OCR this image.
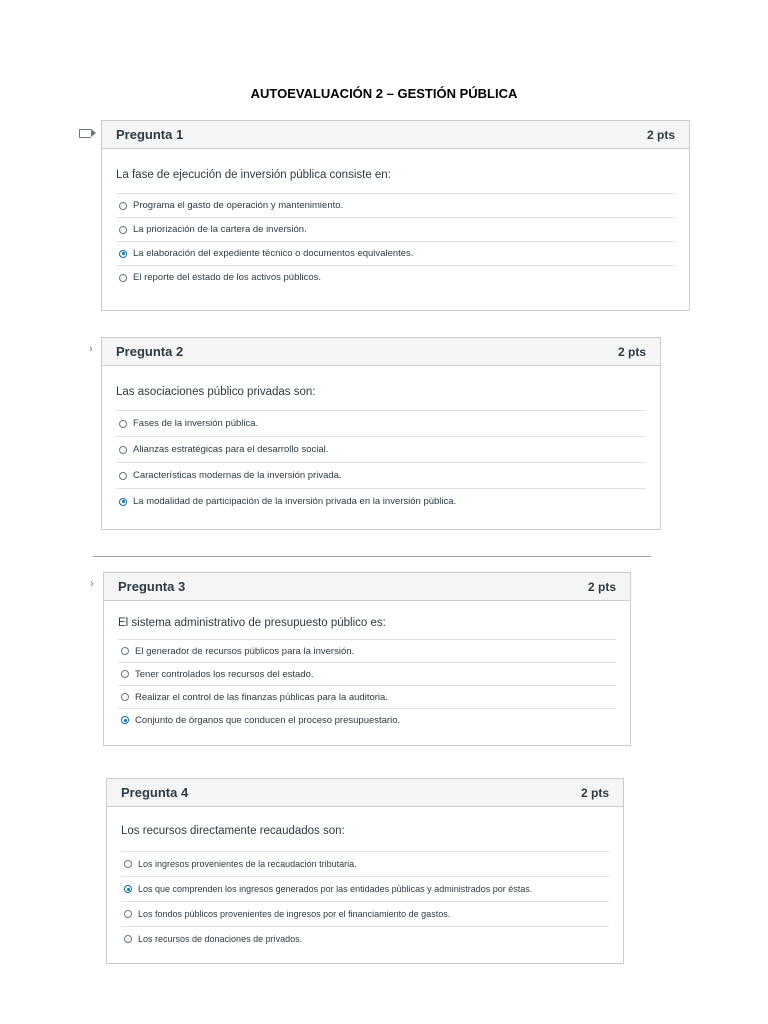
AUTOEVALUACIÓN 2 – GESTIÓN PÚBLICA
Pregunta 1	2 pts
La fase de ejecución de inversión pública consiste en:
Programa el gasto de operación y mantenimiento.
La priorización de la cartera de inversión.
La elaboración del expediente técnico o documentos equivalentes.
El reporte del estado de los activos públicos.
› Pregunta 2	2 pts
Las asociaciones público privadas son:
Fases de la inversión pública.
Alianzas estratégicas para el desarrollo social.
Características modernas de la inversión privada.
La modalidad de participación de la inversión privada en la inversión pública.
› Pregunta 3	2 pts
El sistema administrativo de presupuesto público es:
El generador de recursos públicos para la inversión.
Tener controlados los recursos del estado.
Realizar el control de las finanzas públicas para la auditoria.
Conjunto de órganos que conducen el proceso presupuestario.
Pregunta 4	2 pts
Los recursos directamente recaudados son:
Los ingresos provenientes de la recaudación tributaria.
Los que comprenden los ingresos generados por las entidades públicas y administrados por éstas.
Los fondos públicos provenientes de ingresos por el financiamiento de gastos.
Los recursos de donaciones de privados.
